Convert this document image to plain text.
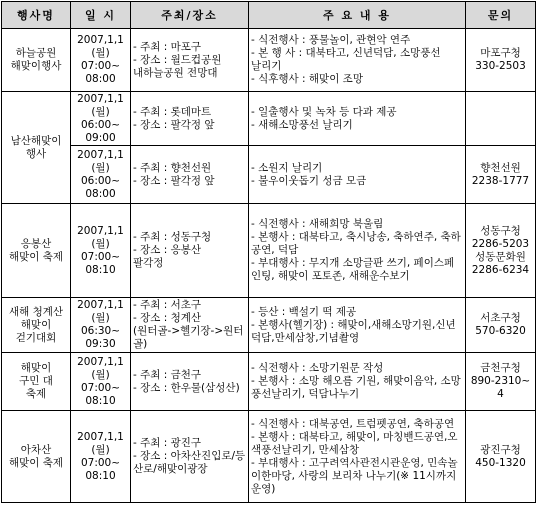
행사명	일 시	주최/장소	주 요 내 용	문의

하늘공원
해맞이행사	2007,1,1
(월)
07:00~
08:00	- 주최 : 마포구
- 장소 : 월드컵공원
내하늘공원 전망대	- 식전행사 : 풍물놀이, 관현악 연주
- 본 행 사 : 대북타고, 신년덕담, 소망풍선      날리기
- 식후행사 : 해맞이 조망	마포구청
330-2503

남산해맞이
행사	2007,1,1
(월)
06:00~
09:00	- 주최 : 롯데마트
- 장소 : 팔각정 앞	- 일출행사 및 녹차 등 다과 제공
- 새해소망풍선 날리기	

	2007,1,1
(월)
06:00~
08:00	- 주최 : 향천선원
- 장소 : 팔각정 앞	- 소원지 날리기
- 불우이웃돕기 성금 모금	향천선원
2238-1777

응봉산
해맞이 축제	2007,1,1
(월)
07:00~
08:10	- 주최 : 성동구청
- 장소 : 응봉산
팔각정	- 식전행사 : 새해희망 북울림
- 본행사 : 대북타고, 축시낭송, 축하연주, 축하공연, 덕담
- 부대행사 : 무지개 소망글판 쓰기, 페이스페인팅, 해맞이 포토존, 새해운수보기	성동구청
2286-5203
성동문화원
2286-6234

새해 청계산
해맞이
걷기대회	2007,1,1
(월)
06:30~
09:30	- 주최 : 서초구
- 장소 : 청계산
(원터골->헬기장->원터골)	- 등산 : 백설기 떡 제공
- 본행사(헬기장) : 해맞이,새해소망기원,신년덕담,만세삼창,기념촬영	서초구청
570-6320

해맞이
구민 대
축제	2007,1,1
(월)
07:00~
08:10	- 주최 : 금천구
- 장소 : 한우물(삼성산)	- 식전행사 : 소망기원문 작성
- 본행사 : 소망 해오름 기원, 해맞이음악, 소망풍선날리기, 덕담나누기	금천구청
890-2310~
4

아차산
해맞이 축제	2007,1,1
(월)
07:00~
08:10	- 주최 : 광진구
- 장소 : 아차산진입로/등산로/해맞이광장	- 식전행사 : 대북공연, 트럼펫공연, 축하공연
- 본행사 : 대북타고, 해맞이, 마칭밴드공연,오색풍선날리기, 만세삼창
- 부대행사 : 고구려역사관전시관운영, 민속놀이한마당, 사랑의 보리차 나누기(※ 11시까지 운영)	광진구청
450-1320
